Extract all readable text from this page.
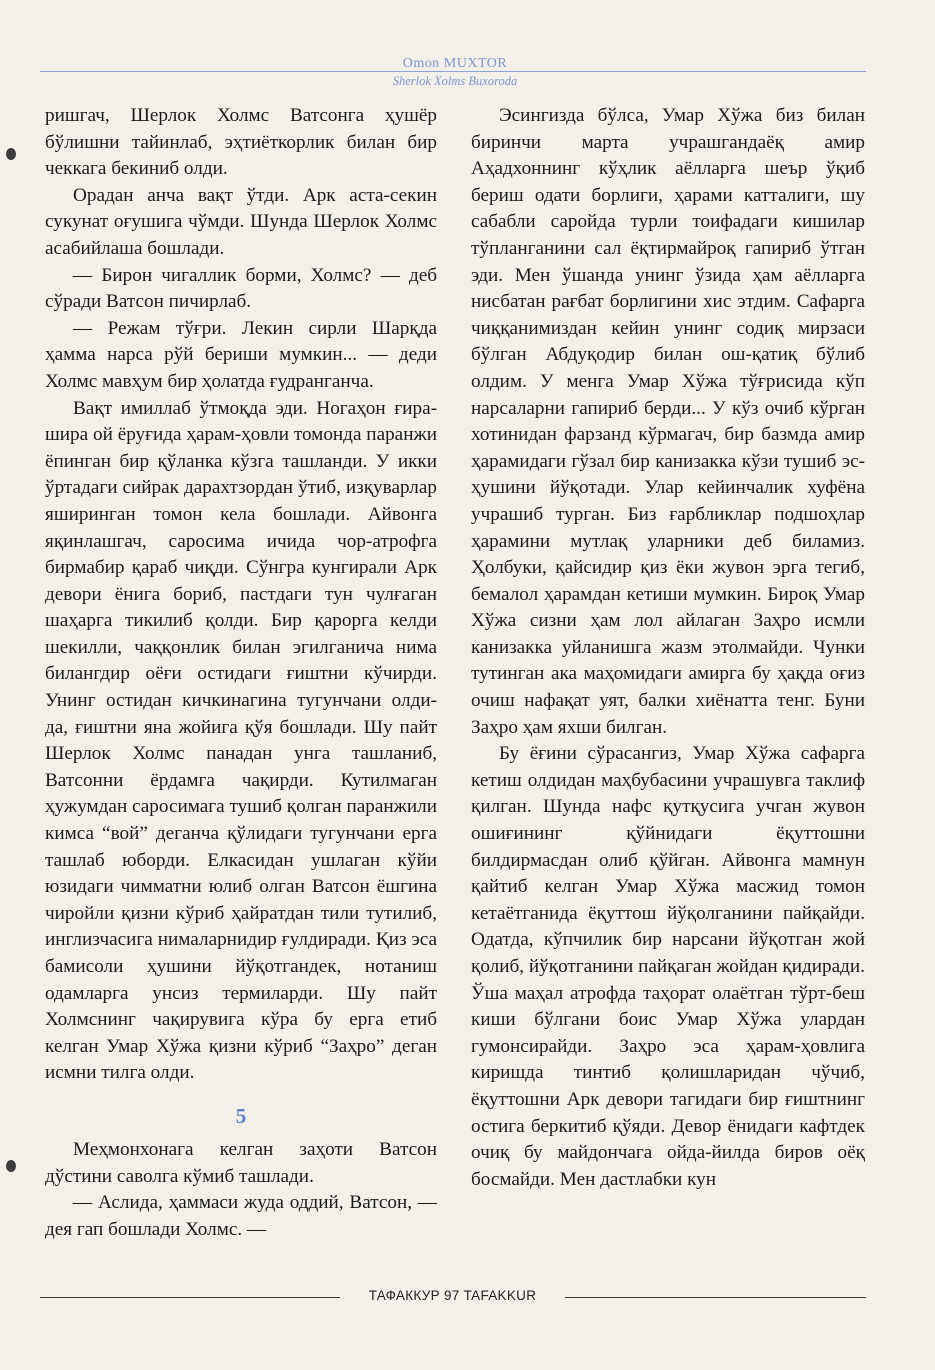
Omon MUXTOR
Sherlok Xolms Buxoroda

ришгач, Шерлок Холмс Ватсонга ҳушёр бўлишни тайинлаб, эҳтиёткорлик билан бир чеккага бекиниб олди.

Орадан анча вақт ўтди. Арк аста-секин сукунат оғушига чўмди. Шунда Шерлок Холмс асабийлаша бошлади.

— Бирон чигаллик борми, Холмс? — деб сўради Ватсон пичирлаб.

— Режам тўғри. Лекин сирли Шарқда ҳамма нарса рўй бериши мумкин... — деди Холмс мавҳум бир ҳолатда ғудранганча.

Вақт имиллаб ўтмоқда эди. Ногаҳон ғира-шира ой ёруғида ҳарам-ҳовли томонда паранжи ёпинган бир қўланка кўзга ташланди. У икки ўртадаги сийрак дарахтзордан ўтиб, изқуварлар яширинган томон кела бошлади. Айвонга яқинлашгач, саросима ичида чор-атрофга бирмабир қараб чиқди. Сўнгра кунгирали Арк девори ёнига бориб, пастдаги тун чулғаган шаҳарга тикилиб қолди. Бир қарорга келди шекилли, чаққонлик билан эгилганича нима билангдир оёғи остидаги ғиштни кўчирди. Унинг остидан кичкинагина тугунчани олди-да, ғиштни яна жойига қўя бошлади. Шу пайт Шерлок Холмс панадан унга ташланиб, Ватсонни ёрдамга чақирди. Кутилмаган ҳужумдан саросимага тушиб қолган паранжили кимса “вой” деганча қўлидаги тугунчани ерга ташлаб юборди. Елкасидан ушлаган кўйи юзидаги чимматни юлиб олган Ватсон ёшгина чиройли қизни кўриб ҳайратдан тили тутилиб, инглизчасига нималарнидир ғулдиради. Қиз эса бамисоли ҳушини йўқотгандек, нотаниш одамларга унсиз термиларди. Шу пайт Холмснинг чақирувига кўра бу ерга етиб келган Умар Хўжа қизни кўриб “Заҳро” деган исмни тилга олди.

5

Меҳмонхонага келган заҳоти Ватсон дўстини саволга кўмиб ташлади.

— Аслида, ҳаммаси жуда оддий, Ватсон, — дея гап бошлади Холмс. —

Эсингизда бўлса, Умар Хўжа биз билан биринчи марта учрашгандаёқ амир Аҳадхоннинг кўҳлик аёлларга шеър ўқиб бериш одати борлиги, ҳарами катталиги, шу сабабли саройда турли тоифадаги кишилар тўпланганини сал ёқтирмайроқ гапириб ўтган эди. Мен ўшанда унинг ўзида ҳам аёлларга нисбатан рағбат борлигини хис этдим. Сафарга чиққанимиздан кейин унинг содиқ мирзаси бўлган Абдуқодир билан ош-қатиқ бўлиб олдим. У менга Умар Хўжа тўғрисида кўп нарсаларни гапириб берди... У кўз очиб кўрган хотинидан фарзанд кўрмагач, бир базмда амир ҳарамидаги гўзал бир канизакка кўзи тушиб эс-ҳушини йўқотади. Улар кейинчалик хуфёна учрашиб турган. Биз ғарбликлар подшоҳлар ҳарамини мутлақ уларники деб биламиз. Ҳолбуки, қайсидир қиз ёки жувон эрга тегиб, бемалол ҳарамдан кетиши мумкин. Бироқ Умар Хўжа сизни ҳам лол айлаган Заҳро исмли канизакка уйланишга жазм этолмайди. Чунки тутинган ака маҳомидаги амирга бу ҳақда оғиз очиш нафақат уят, балки хиёнатта тенг. Буни Заҳро ҳам яхши билган.

Бу ёғини сўрасангиз, Умар Хўжа сафарга кетиш олдидан маҳбубасини учрашувга таклиф қилган. Шунда нафс қутқусига учган жувон ошиғининг қўйнидаги ёқуттошни билдирмасдан олиб қўйган. Айвонга мамнун қайтиб келган Умар Хўжа масжид томон кетаётганида ёқуттош йўқолганини пайқайди. Одатда, кўпчилик бир нарсани йўқотган жой қолиб, йўқотганини пайқаган жойдан қидиради. Ўша маҳал атрофда таҳорат олаётган тўрт-беш киши бўлгани боис Умар Хўжа улардан гумонсирайди. Заҳро эса ҳарам-ҳовлига киришда тинтиб қолишларидан чўчиб, ёқуттошни Арк девори тагидаги бир ғиштнинг остига беркитиб қўяди. Девор ёнидаги кафтдек очиқ бу майдончага ойда-йилда биров оёқ босмайди. Мен дастлабки кун

ТАФАККУР 97 TAFAKKUR
